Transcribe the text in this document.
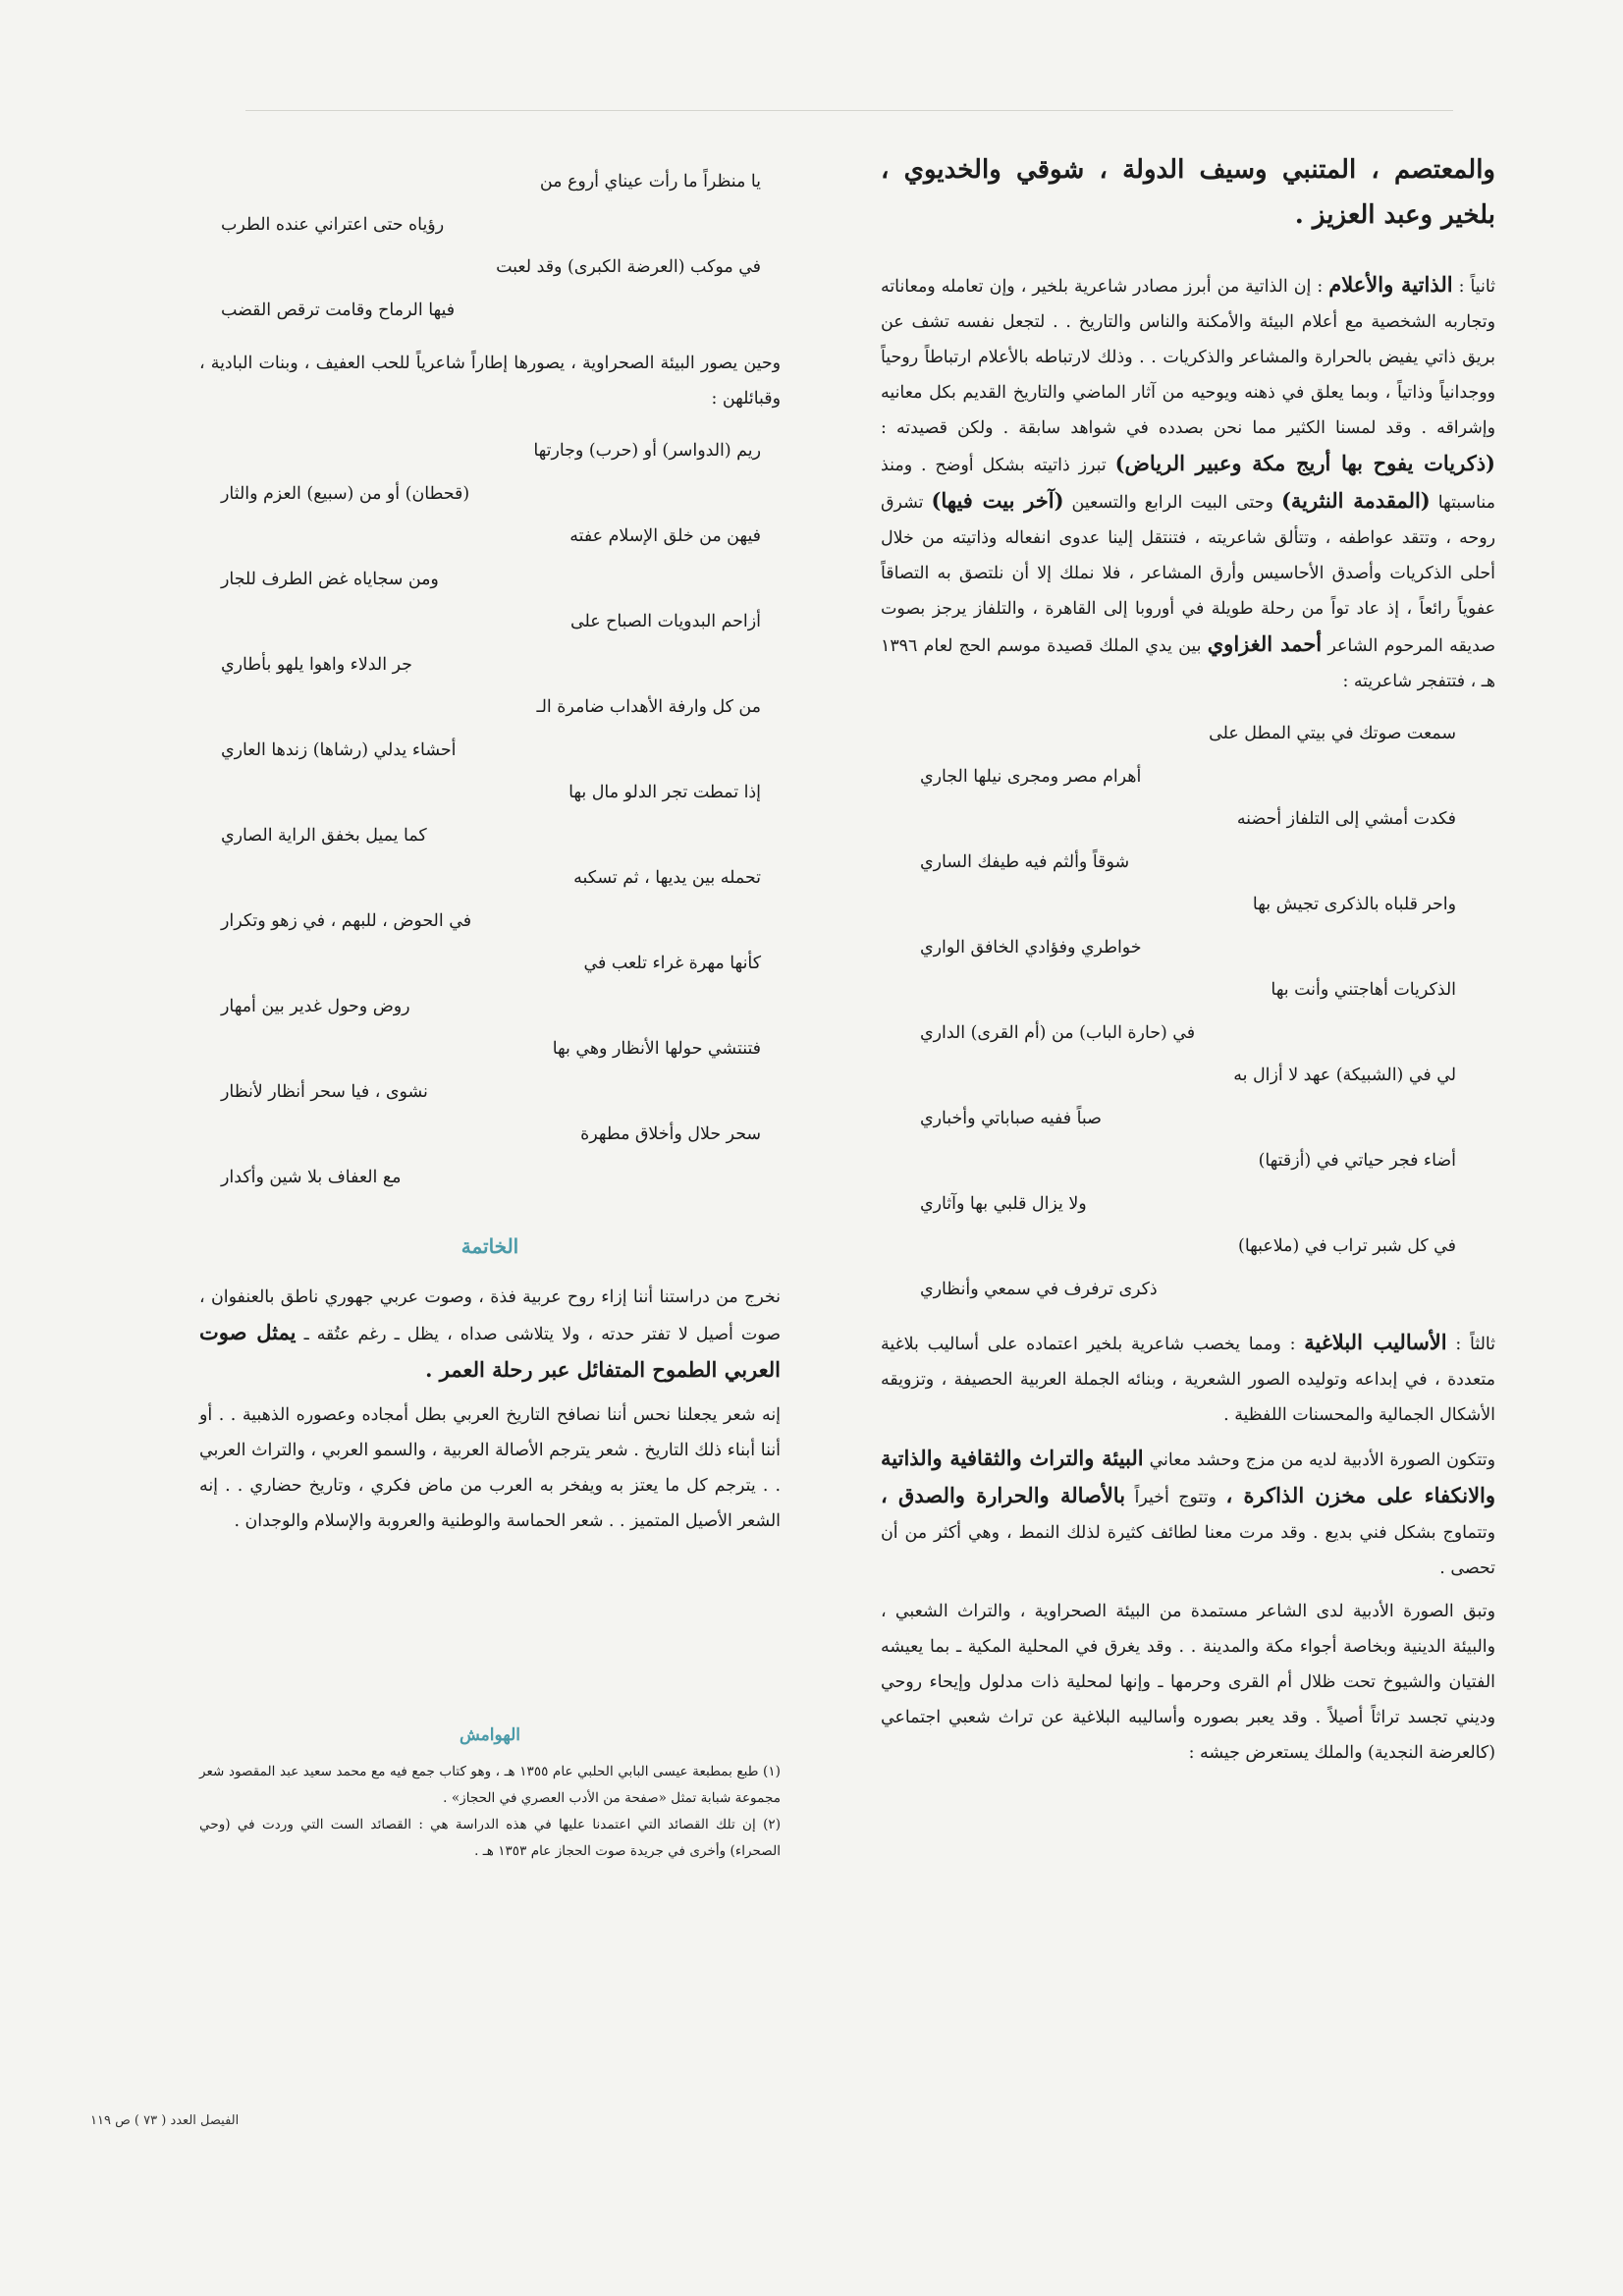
والمعتصم ، المتنبي وسيف الدولة ، شوقي والخديوي ، بلخير وعبد العزيز .

ثانياً : الذاتية والأعلام : إن الذاتية من أبرز مصادر شاعرية بلخير ، وإن تعامله ومعاناته وتجاربه الشخصية مع أعلام البيئة والأمكنة والناس والتاريخ . . لتجعل نفسه تشف عن بريق ذاتي يفيض بالحرارة والمشاعر والذكريات . . وذلك لارتباطه بالأعلام ارتباطاً روحياً ووجدانياً وذاتياً ، وبما يعلق في ذهنه ويوحيه من آثار الماضي والتاريخ القديم بكل معانيه وإشراقه . وقد لمسنا الكثير مما نحن بصدده في شواهد سابقة . ولكن قصيدته : (ذكريات يفوح بها أريج مكة وعبير الرياض) تبرز ذاتيته بشكل أوضح . ومنذ مناسبتها (المقدمة النثرية) وحتى البيت الرابع والتسعين (آخر بيت فيها) تشرق روحه ، وتتقد عواطفه ، وتتألق شاعريته ، فتنتقل إلينا عدوى انفعاله وذاتيته من خلال أحلى الذكريات وأصدق الأحاسيس وأرق المشاعر ، فلا نملك إلا أن نلتصق به التصاقاً عفوياً رائعاً ، إذ عاد تواً من رحلة طويلة في أوروبا إلى القاهرة ، والتلفاز يرجز بصوت صديقه المرحوم الشاعر أحمد الغزاوي بين يدي الملك قصيدة موسم الحج لعام ١٣٩٦ هـ ، فتتفجر شاعريته :

سمعت صوتك في بيتي المطل على
أهرام مصر ومجرى نيلها الجاري
فكدت أمشي إلى التلفاز أحضنه
شوقاً وألثم فيه طيفك الساري
واحر قلباه بالذكرى تجيش بها
خواطري وفؤادي الخافق الواري
الذكريات أهاجتني وأنت بها
في (حارة الباب) من (أم القرى) الداري
لي في (الشبيكة) عهد لا أزال به
صباً ففيه صباباتي وأخباري
أضاء فجر حياتي في (أزقتها)
ولا يزال قلبي بها وآثاري
في كل شبر تراب في (ملاعبها)
ذكرى ترفرف في سمعي وأنظاري

ثالثاً : الأساليب البلاغية : ومما يخصب شاعرية بلخير اعتماده على أساليب بلاغية متعددة ، في إبداعه وتوليده الصور الشعرية ، وبنائه الجملة العربية الحصيفة ، وتزويقه الأشكال الجمالية والمحسنات اللفظية .

وتتكون الصورة الأدبية لديه من مزج وحشد معاني البيئة والتراث والثقافية والذاتية والانكفاء على مخزن الذاكرة ، وتتوج أخيراً بالأصالة والحرارة والصدق ، وتتماوج بشكل فني بديع . وقد مرت معنا لطائف كثيرة لذلك النمط ، وهي أكثر من أن تحصى .

وتبق الصورة الأدبية لدى الشاعر مستمدة من البيئة الصحراوية ، والتراث الشعبي ، والبيئة الدينية وبخاصة أجواء مكة والمدينة . . وقد يغرق في المحلية المكية ـ بما يعيشه الفتيان والشيوخ تحت ظلال أم القرى وحرمها ـ وإنها لمحلية ذات مدلول وإيحاء روحي وديني تجسد تراثاً أصيلاً . وقد يعبر بصوره وأساليبه البلاغية عن تراث شعبي اجتماعي (كالعرضة النجدية) والملك يستعرض جيشه :

يا منظراً ما رأت عيناي أروع من
رؤياه حتى اعتراني عنده الطرب
في موكب (العرضة الكبرى) وقد لعبت
فيها الرماح وقامت ترقص القضب

وحين يصور البيئة الصحراوية ، يصورها إطاراً شاعرياً للحب العفيف ، وبنات البادية ، وقبائلهن :

ريم (الدواسر) أو (حرب) وجارتها
(قحطان) أو من (سبيع) العزم والثار
فيهن من خلق الإسلام عفته
ومن سجاياه غض الطرف للجار
أزاحم البدويات الصباح على
جر الدلاء واهوا يلهو بأطاري
من كل وارفة الأهداب ضامرة الـ
أحشاء يدلي (رشاها) زندها العاري
إذا تمطت تجر الدلو مال بها
كما يميل بخفق الراية الصاري
تحمله بين يديها ، ثم تسكبه
في الحوض ، للبهم ، في زهو وتكرار
كأنها مهرة غراء تلعب في
روض وحول غدير بين أمهار
فتنتشي حولها الأنظار وهي بها
نشوى ، فيا سحر أنظار لأنظار
سحر حلال وأخلاق مطهرة
مع العفاف بلا شين وأكدار
الخاتمة

نخرج من دراستنا أننا إزاء روح عربية فذة ، وصوت عربي جهوري ناطق بالعنفوان ، صوت أصيل لا تفتر حدته ، ولا يتلاشى صداه ، يظل ـ رغم عتُقه ـ يمثل صوت العربي الطموح المتفائل عبر رحلة العمر .

إنه شعر يجعلنا نحس أننا نصافح التاريخ العربي بطل أمجاده وعصوره الذهبية . . أو أننا أبناء ذلك التاريخ . شعر يترجم الأصالة العربية ، والسمو العربي ، والتراث العربي . . يترجم كل ما يعتز به ويفخر به العرب من ماض فكري ، وتاريخ حضاري . . إنه الشعر الأصيل المتميز . . شعر الحماسة والوطنية والعروبة والإسلام والوجدان .

الهوامش

(١) طبع بمطبعة عيسى البابي الحلبي عام ١٣٥٥ هـ ، وهو كتاب جمع فيه مع محمد سعيد عبد المقصود شعر مجموعة شبابة تمثل «صفحة من الأدب العصري في الحجاز» .

(٢) إن تلك القصائد التي اعتمدنا عليها في هذه الدراسة هي : القصائد الست التي وردت في (وحي الصحراء) وأخرى في جريدة صوت الحجاز عام ١٣٥٣ هـ .

الفيصل العدد ( ٧٣ ) ص ١١٩
